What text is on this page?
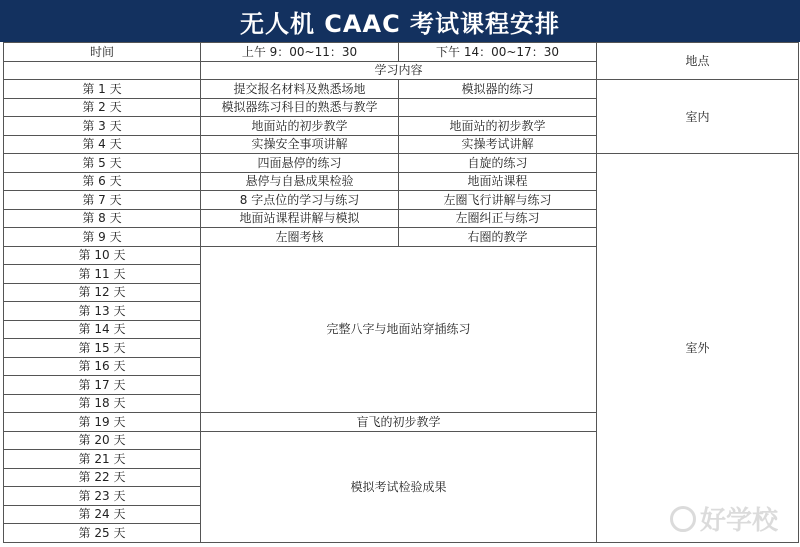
无人机 CAAC 考试课程安排
时间	上午 9：00~11：30	下午 14：00~17：30	地点
	学习内容		
第 1 天	提交报名材料及熟悉场地	模拟器的练习	室内
第 2 天	模拟器练习科目的熟悉与教学		
第 3 天	地面站的初步教学	地面站的初步教学	
第 4 天	实操安全事项讲解	实操考试讲解	
第 5 天	四面悬停的练习	自旋的练习	室外
第 6 天	悬停与自悬成果检验	地面站课程	
第 7 天	8 字点位的学习与练习	左圈飞行讲解与练习	
第 8 天	地面站课程讲解与模拟	左圈纠正与练习	
第 9 天	左圈考核	右圈的教学	
第 10 天	完整八字与地面站穿插练习		
第 11 天			
第 12 天			
第 13 天			
第 14 天			
第 15 天			
第 16 天			
第 17 天			
第 18 天			
第 19 天	盲飞的初步教学		
第 20 天	模拟考试检验成果		
第 21 天			
第 22 天			
第 23 天			
第 24 天			
第 25 天				好学校
